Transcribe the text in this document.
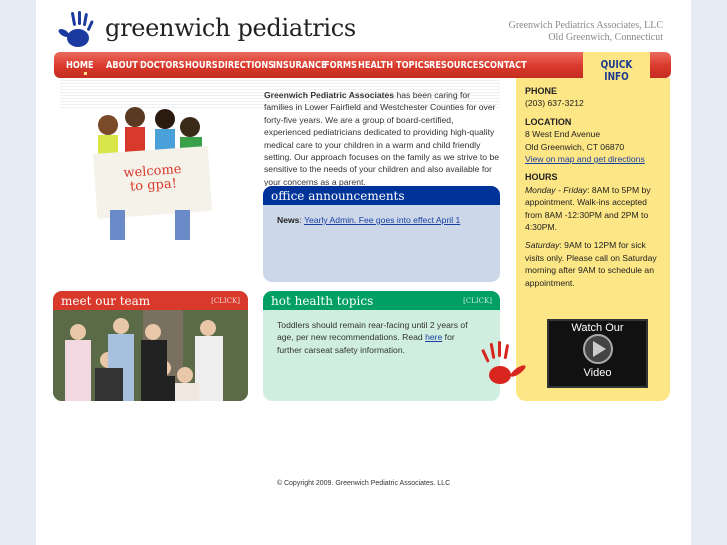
greenwich pediatrics	Greenwich Pediatrics Associates, LLC
Old Greenwich, Connecticut
HOME	ABOUT DOCTORS HOURS DIRECTIONS
INSURANCE
FORMS HEALTH TOPICS RESOURCES CONTACT	QUICK INFO
welcome to gpa!
Greenwich Pediatric Associates has been caring for families in Lower Fairfield and Westchester Counties for over forty-five years. We are a group of board-certified, experienced pediatricians dedicated to providing high-quality medical care to your children in a warm and child friendly setting. Our approach focuses on the family as we strive to be sensitive to the needs of your children and also available for your concerns as a parent.
office announcements
News: Yearly Admin. Fee goes into effect April 1
meet our team	[CLICK]	hot health topics	[CLICK]
Toddlers should remain rear-facing until 2 years of age, per new recommendations. Read here for further carseat safety information.
PHONE
(203) 637-3212
LOCATION
8 West End Avenue
Old Greenwich, CT 06870
View on map and get directions
HOURS
Monday - Friday: 8AM to 5PM by appointment. Walk-ins accepted from 8AM -12:30PM and 2PM to 4:30PM.
Saturday: 9AM to 12PM for sick visits only. Please call on Saturday morning after 9AM to schedule an appointment.
Watch Our
Video
© Copyright 2009. Greenwich Pediatric Associates. LLC
